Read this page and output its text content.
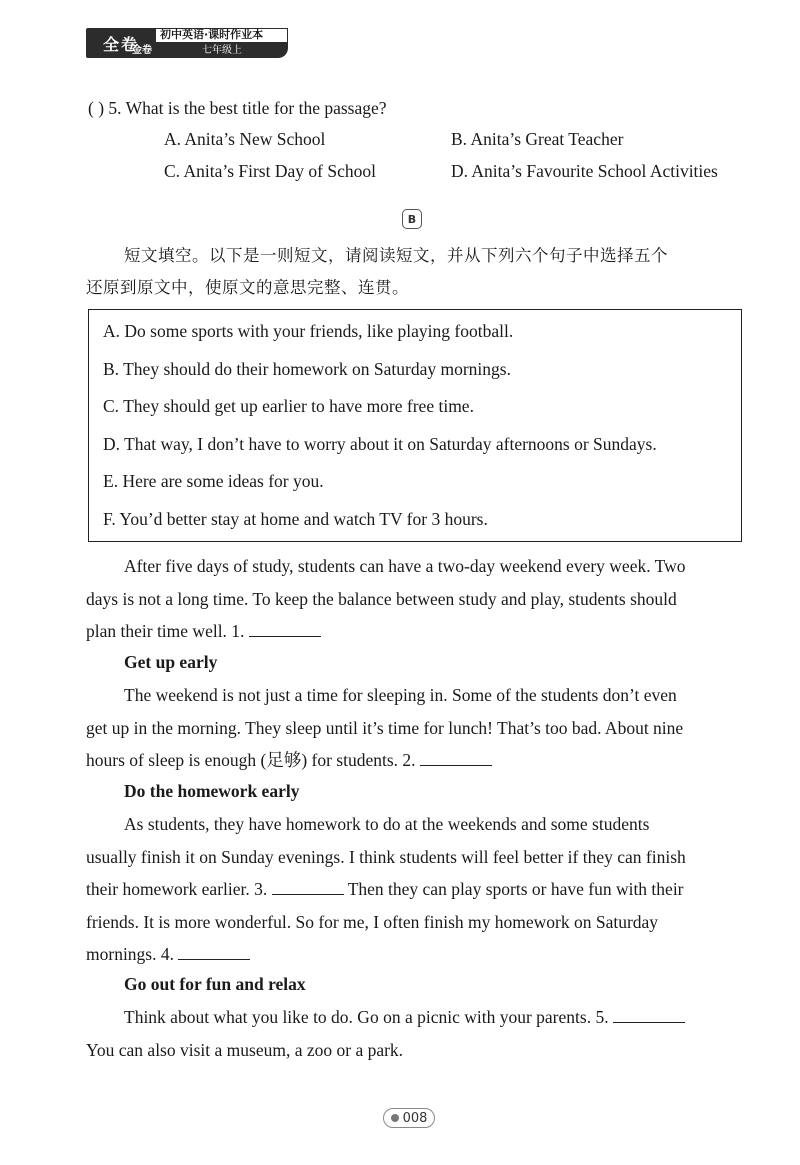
全卷
金卷
初中英语·课时作业本
七年级上
( ) 5. What is the best title for the passage?
A. Anita’s New School	B. Anita’s Great Teacher
C. Anita’s First Day of School	D. Anita’s Favourite School Activities
B
短文填空。以下是一则短文，请阅读短文，并从下列六个句子中选择五个
还原到原文中，使原文的意思完整、连贯。
A. Do some sports with your friends, like playing football.
B. They should do their homework on Saturday mornings.
C. They should get up earlier to have more free time.
D. That way, I don’t have to worry about it on Saturday afternoons or Sundays.
E. Here are some ideas for you.
F. You’d better stay at home and watch TV for 3 hours.
After five days of study, students can have a two-day weekend every week. Two
days is not a long time. To keep the balance between study and play, students should
plan their time well. 1.
Get up early
The weekend is not just a time for sleeping in. Some of the students don’t even
get up in the morning. They sleep until it’s time for lunch! That’s too bad. About nine
hours of sleep is enough (足够) for students. 2.
Do the homework early
As students, they have homework to do at the weekends and some students
usually finish it on Sunday evenings. I think students will feel better if they can finish
their homework earlier. 3.	Then they can play sports or have fun with their
friends. It is more wonderful. So for me, I often finish my homework on Saturday
mornings. 4.
Go out for fun and relax
Think about what you like to do. Go on a picnic with your parents. 5.
You can also visit a museum, a zoo or a park.
008
